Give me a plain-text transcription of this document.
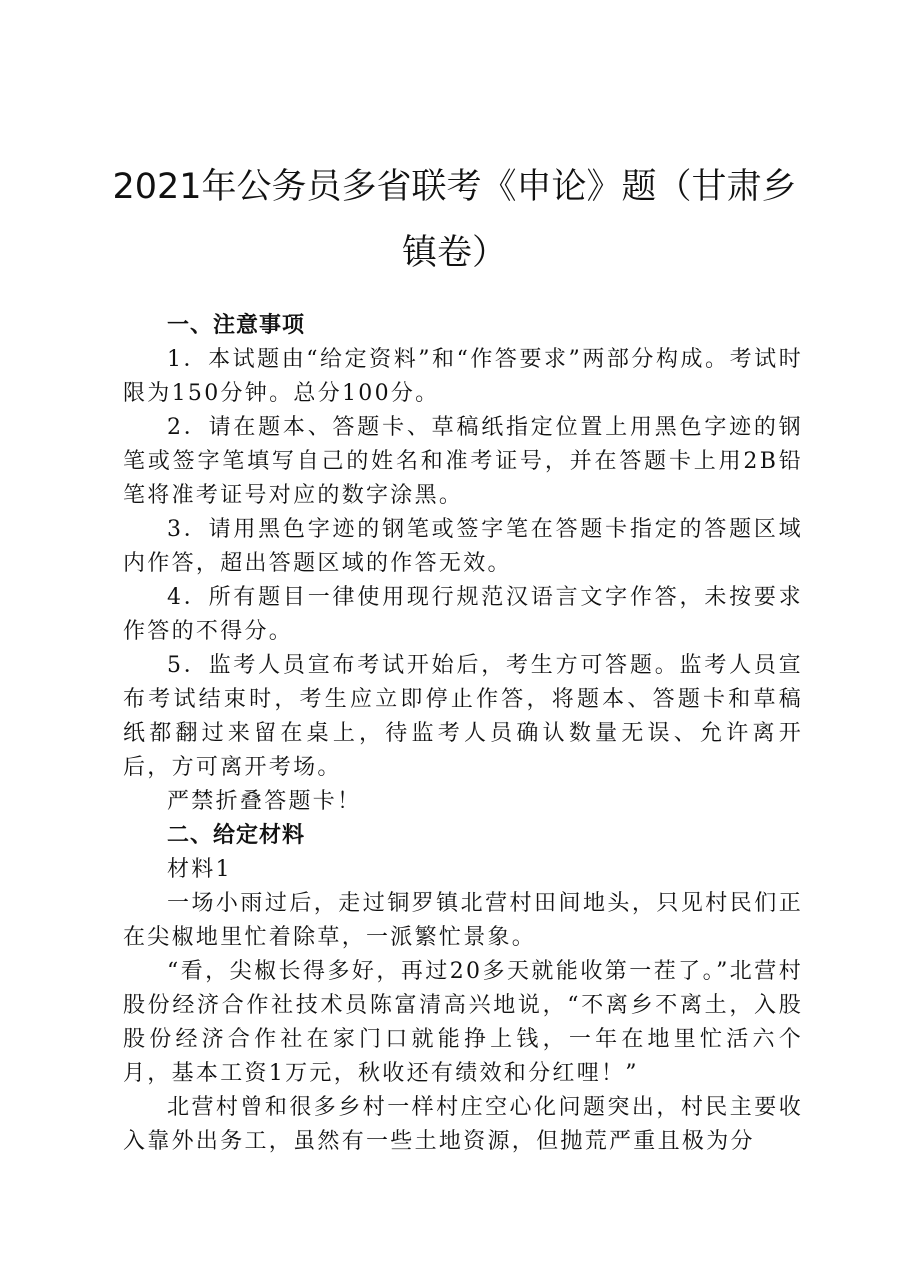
2021年公务员多省联考《申论》题（甘肃乡
镇卷）

一、注意事项

1．本试题由“给定资料”和“作答要求”两部分构成。考试时限为150分钟。总分100分。

2．请在题本、答题卡、草稿纸指定位置上用黑色字迹的钢笔或签字笔填写自己的姓名和准考证号，并在答题卡上用2B铅笔将准考证号对应的数字涂黑。

3．请用黑色字迹的钢笔或签字笔在答题卡指定的答题区域内作答，超出答题区域的作答无效。

4．所有题目一律使用现行规范汉语言文字作答，未按要求作答的不得分。

5．监考人员宣布考试开始后，考生方可答题。监考人员宣布考试结束时，考生应立即停止作答，将题本、答题卡和草稿纸都翻过来留在桌上，待监考人员确认数量无误、允许离开后，方可离开考场。

严禁折叠答题卡！

二、给定材料

材料1

一场小雨过后，走过铜罗镇北营村田间地头，只见村民们正在尖椒地里忙着除草，一派繁忙景象。

“看，尖椒长得多好，再过20多天就能收第一茬了。”北营村股份经济合作社技术员陈富清高兴地说，“不离乡不离土，入股股份经济合作社在家门口就能挣上钱，一年在地里忙活六个月，基本工资1万元，秋收还有绩效和分红哩！”

北营村曾和很多乡村一样村庄空心化问题突出，村民主要收入靠外出务工，虽然有一些土地资源，但抛荒严重且极为分
